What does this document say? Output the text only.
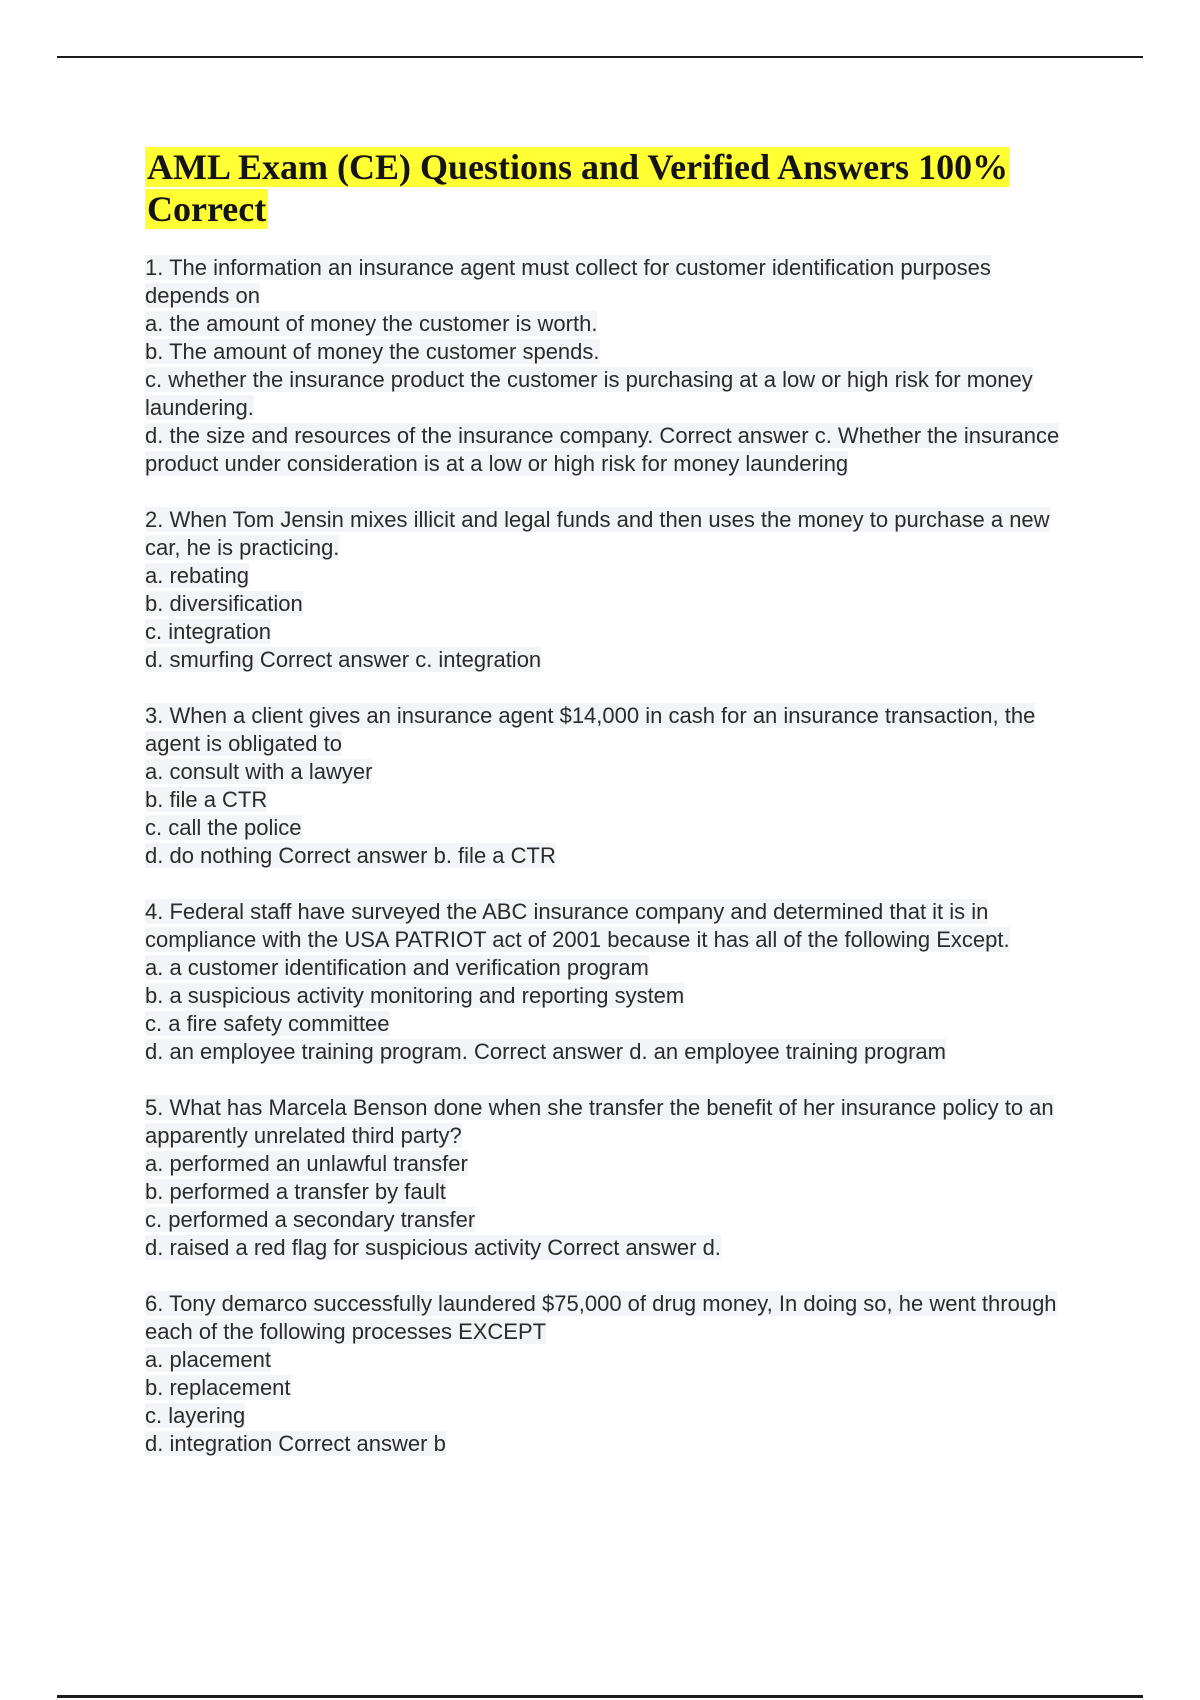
AML Exam (CE) Questions and Verified Answers 100% Correct

1. The information an insurance agent must collect for customer identification purposes depends on

a. the amount of money the customer is worth.

b. The amount of money the customer spends.

c. whether the insurance product the customer is purchasing at a low or high risk for money laundering.

d. the size and resources of the insurance company. Correct answer c. Whether the insurance product under consideration is at a low or high risk for money laundering

2. When Tom Jensin mixes illicit and legal funds and then uses the money to purchase a new car, he is practicing.

a. rebating

b. diversification

c. integration

d. smurfing Correct answer c. integration

3. When a client gives an insurance agent $14,000 in cash for an insurance transaction, the agent is obligated to

a. consult with a lawyer

b. file a CTR

c. call the police

d. do nothing Correct answer b. file a CTR

4. Federal staff have surveyed the ABC insurance company and determined that it is in compliance with the USA PATRIOT act of 2001 because it has all of the following Except.

a. a customer identification and verification program

b. a suspicious activity monitoring and reporting system

c. a fire safety committee

d. an employee training program. Correct answer d. an employee training program

5. What has Marcela Benson done when she transfer the benefit of her insurance policy to an apparently unrelated third party?

a. performed an unlawful transfer

b. performed a transfer by fault

c. performed a secondary transfer

d. raised a red flag for suspicious activity Correct answer d.

6. Tony demarco successfully laundered $75,000 of drug money, In doing so, he went through each of the following processes EXCEPT

a. placement

b. replacement

c. layering

d. integration Correct answer b
